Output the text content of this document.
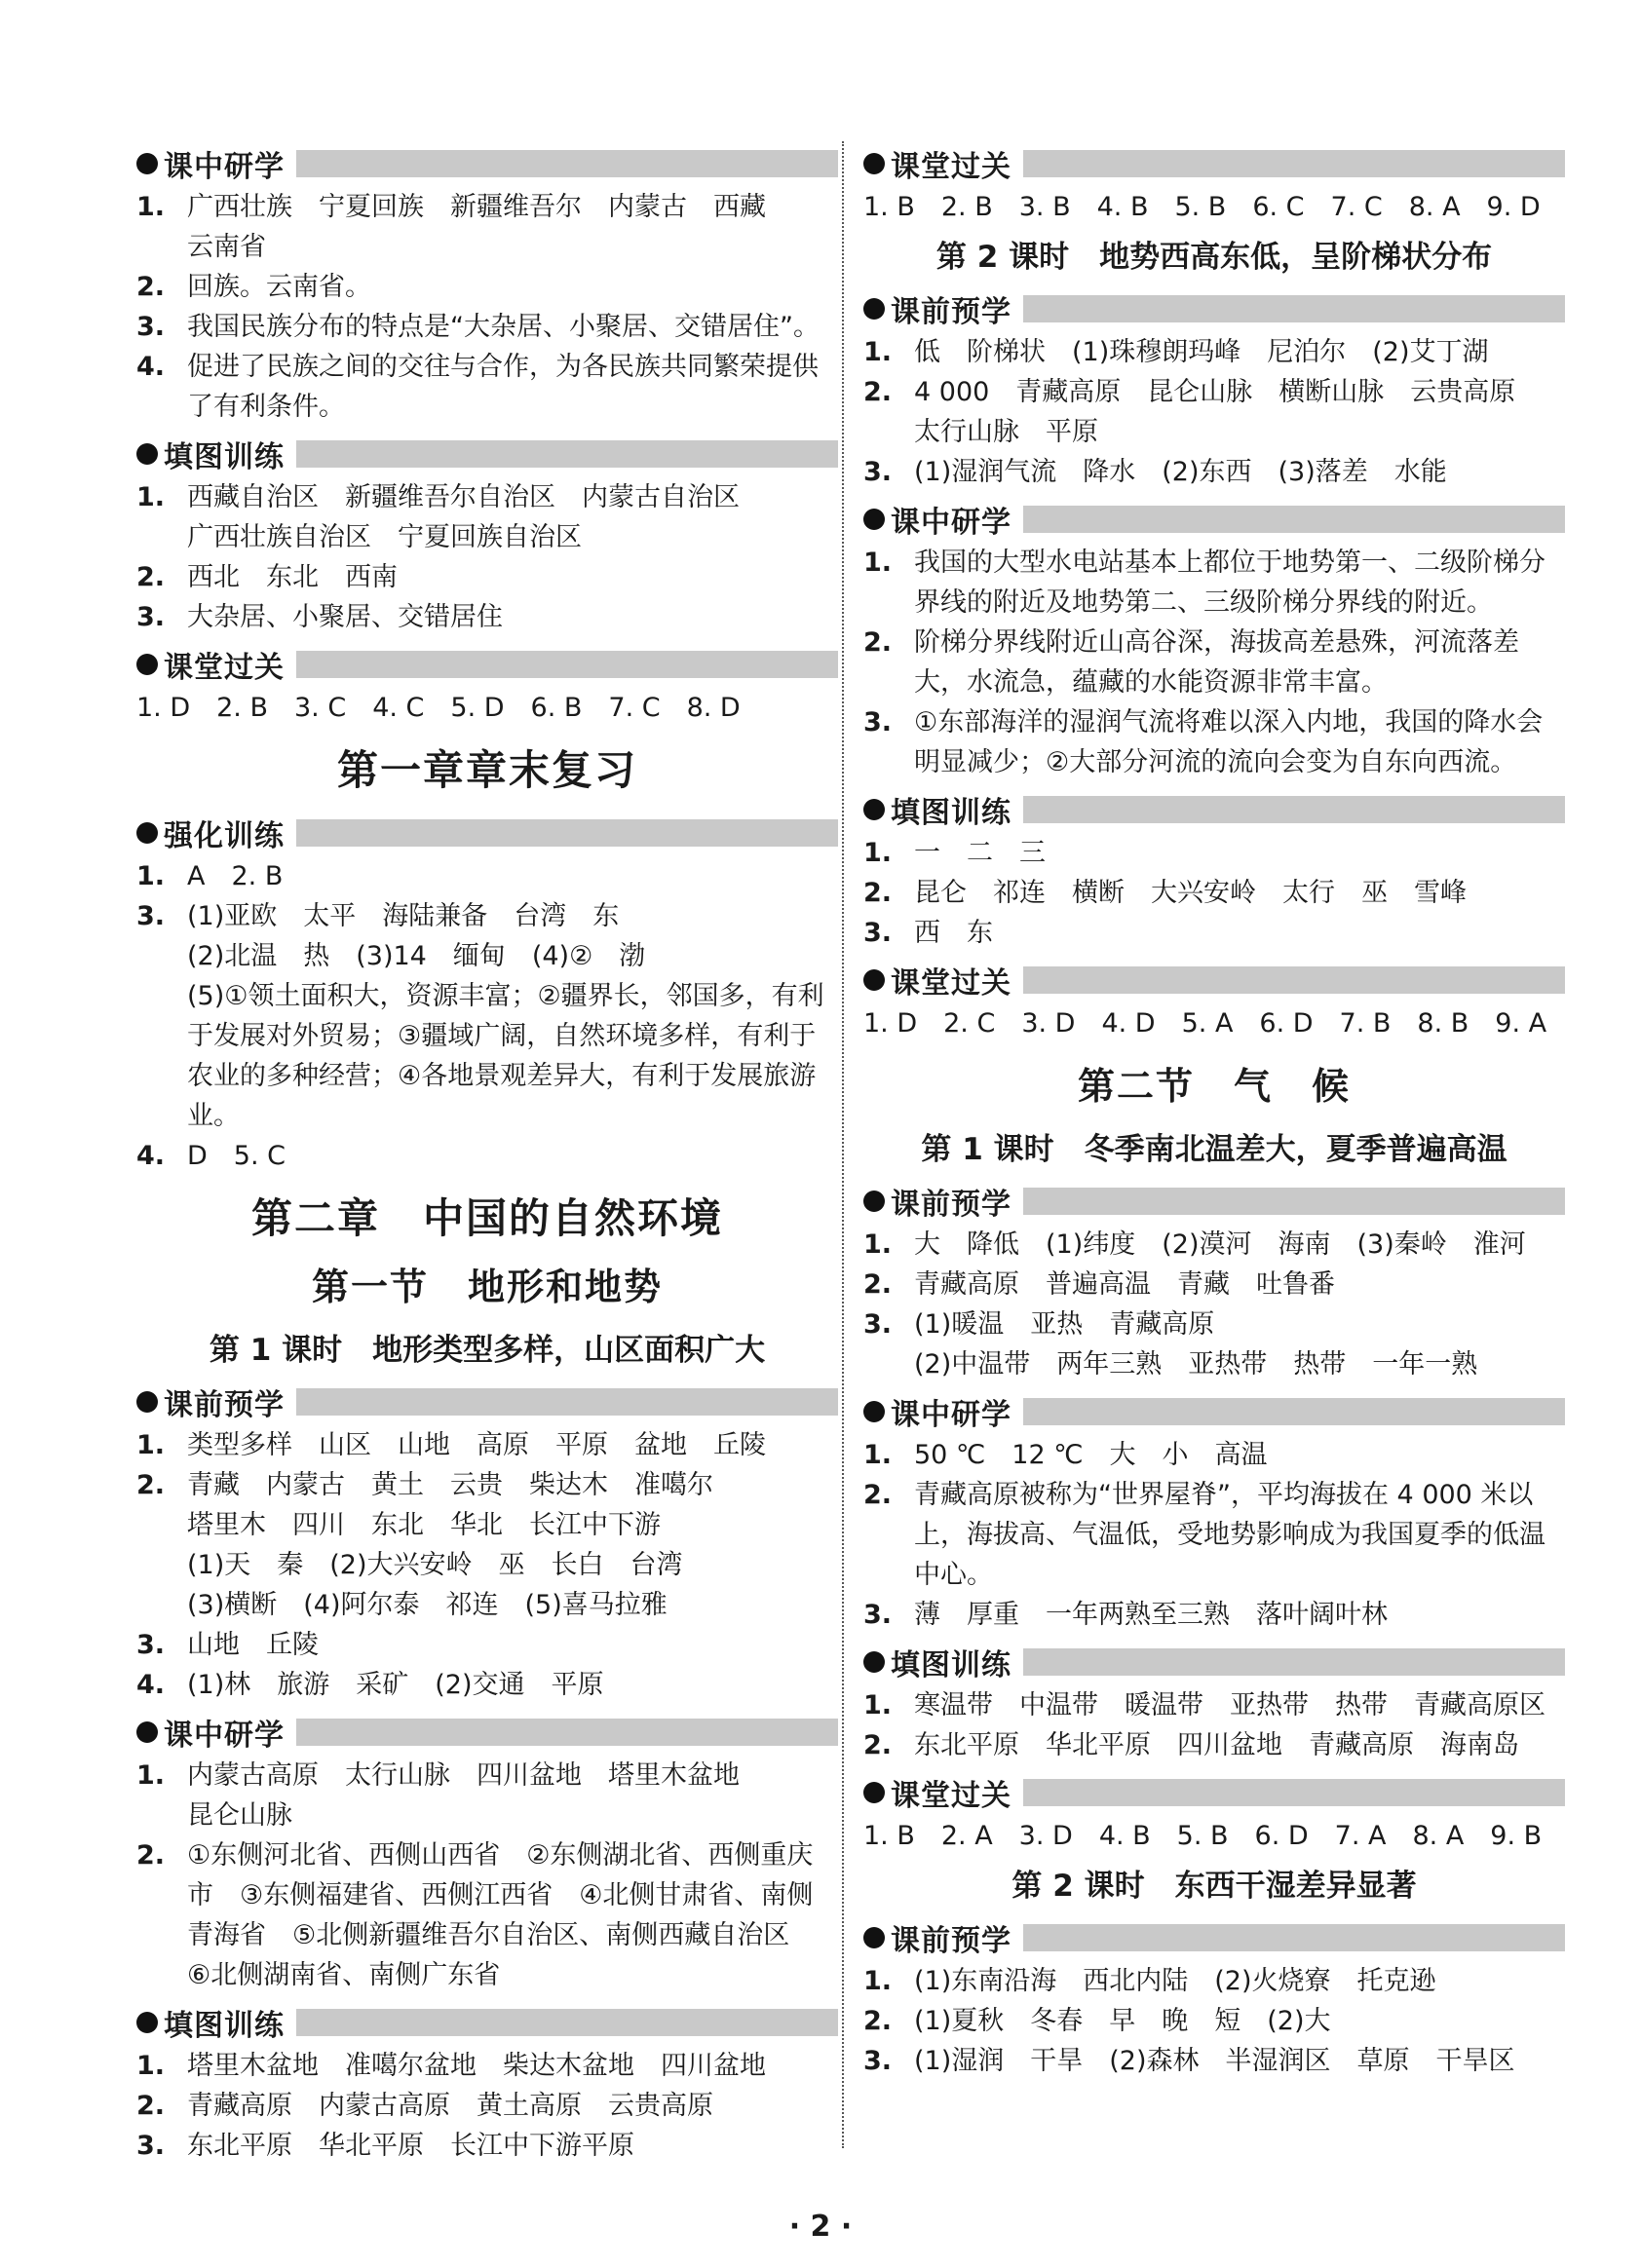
课中研学
1. 广西壮族　宁夏回族　新疆维吾尔　内蒙古　西藏
云南省
2. 回族。云南省。
3. 我国民族分布的特点是“大杂居、小聚居、交错居住”。
4. 促进了民族之间的交往与合作，为各民族共同繁荣提供了有利条件。
填图训练
1. 西藏自治区　新疆维吾尔自治区　内蒙古自治区
广西壮族自治区　宁夏回族自治区
2. 西北　东北　西南
3. 大杂居、小聚居、交错居住
课堂过关
1. D　2. B　3. C　4. C　5. D　6. B　7. C　8. D
第一章章末复习
强化训练
1. A　2. B
3. (1)亚欧　太平　海陆兼备　台湾　东
(2)北温　热　(3)14　缅甸　(4)②　渤
(5)①领土面积大，资源丰富；②疆界长，邻国多，有利于发展对外贸易；③疆域广阔，自然环境多样，有利于农业的多种经营；④各地景观差异大，有利于发展旅游业。
4. D　5. C
第二章　中国的自然环境
第一节　地形和地势
第 1 课时　地形类型多样，山区面积广大
课前预学
1. 类型多样　山区　山地　高原　平原　盆地　丘陵
2. 青藏　内蒙古　黄土　云贵　柴达木　准噶尔
塔里木　四川　东北　华北　长江中下游
(1)天　秦　(2)大兴安岭　巫　长白　台湾
(3)横断　(4)阿尔泰　祁连　(5)喜马拉雅
3. 山地　丘陵
4. (1)林　旅游　采矿　(2)交通　平原
课中研学
1. 内蒙古高原　太行山脉　四川盆地　塔里木盆地
昆仑山脉
2. ①东侧河北省、西侧山西省　②东侧湖北省、西侧重庆市　③东侧福建省、西侧江西省　④北侧甘肃省、南侧青海省　⑤北侧新疆维吾尔自治区、南侧西藏自治区　⑥北侧湖南省、南侧广东省
填图训练
1. 塔里木盆地　准噶尔盆地　柴达木盆地　四川盆地
2. 青藏高原　内蒙古高原　黄土高原　云贵高原
3. 东北平原　华北平原　长江中下游平原
课堂过关
1. B　2. B　3. B　4. B　5. B　6. C　7. C　8. A　9. D
第 2 课时　地势西高东低，呈阶梯状分布
课前预学
1. 低　阶梯状　(1)珠穆朗玛峰　尼泊尔　(2)艾丁湖
2. 4 000　青藏高原　昆仑山脉　横断山脉　云贵高原
太行山脉　平原
3. (1)湿润气流　降水　(2)东西　(3)落差　水能
课中研学
1. 我国的大型水电站基本上都位于地势第一、二级阶梯分界线的附近及地势第二、三级阶梯分界线的附近。
2. 阶梯分界线附近山高谷深，海拔高差悬殊，河流落差大，水流急，蕴藏的水能资源非常丰富。
3. ①东部海洋的湿润气流将难以深入内地，我国的降水会明显减少；②大部分河流的流向会变为自东向西流。
填图训练
1. 一　二　三
2. 昆仑　祁连　横断　大兴安岭　太行　巫　雪峰
3. 西　东
课堂过关
1. D　2. C　3. D　4. D　5. A　6. D　7. B　8. B　9. A
第二节　气　候
第 1 课时　冬季南北温差大，夏季普遍高温
课前预学
1. 大　降低　(1)纬度　(2)漠河　海南　(3)秦岭　淮河
2. 青藏高原　普遍高温　青藏　吐鲁番
3. (1)暖温　亚热　青藏高原
(2)中温带　两年三熟　亚热带　热带　一年一熟
课中研学
1. 50 ℃　12 ℃　大　小　高温
2. 青藏高原被称为“世界屋脊”，平均海拔在 4 000 米以上，海拔高、气温低，受地势影响成为我国夏季的低温中心。
3. 薄　厚重　一年两熟至三熟　落叶阔叶林
填图训练
1. 寒温带　中温带　暖温带　亚热带　热带　青藏高原区
2. 东北平原　华北平原　四川盆地　青藏高原　海南岛
课堂过关
1. B　2. A　3. D　4. B　5. B　6. D　7. A　8. A　9. B
第 2 课时　东西干湿差异显著
课前预学
1. (1)东南沿海　西北内陆　(2)火烧寮　托克逊
2. (1)夏秋　冬春　早　晚　短　(2)大
3. (1)湿润　干旱　(2)森林　半湿润区　草原　干旱区
· 2 ·
